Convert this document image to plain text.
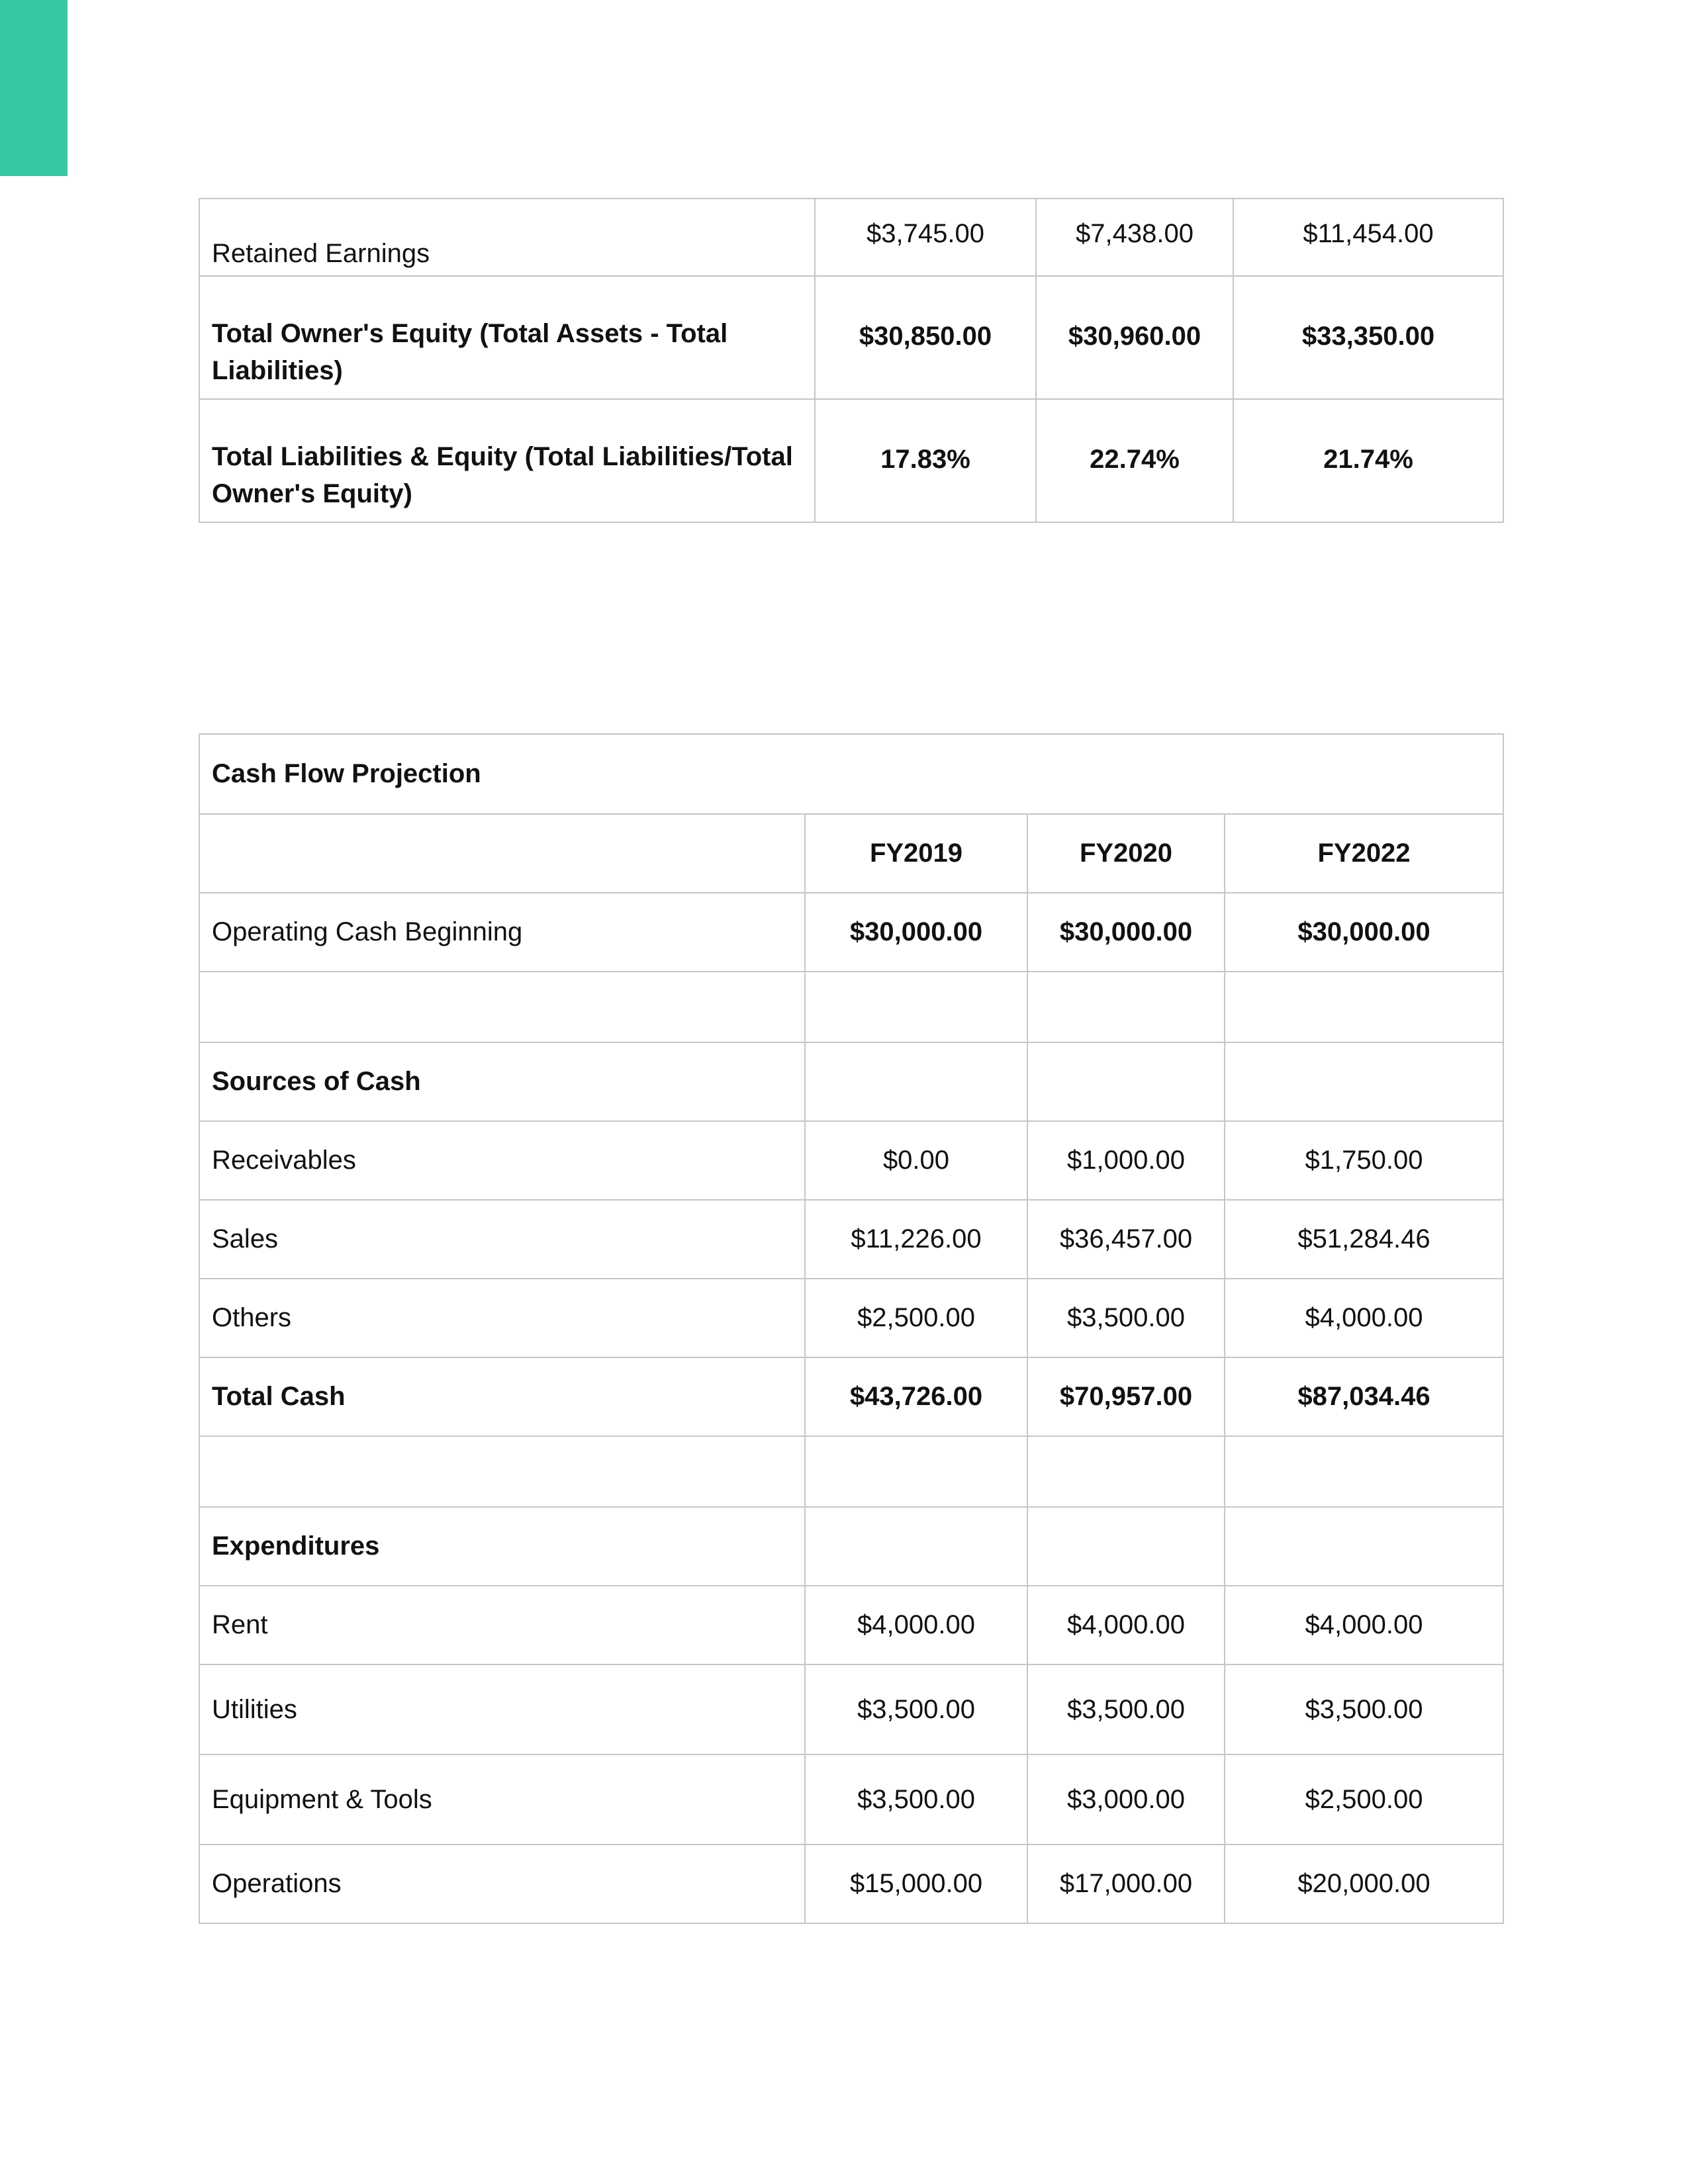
Retained Earnings	$3,745.00	$7,438.00	$11,454.00
Total Owner's Equity (Total Assets - Total Liabilities)	$30,850.00	$30,960.00	$33,350.00
Total Liabilities & Equity (Total Liabilities/Total Owner's Equity)	17.83%	22.74%	21.74%
Cash Flow Projection			
	FY2019	FY2020	FY2022
Operating Cash Beginning	$30,000.00	$30,000.00	$30,000.00

Sources of Cash			
Receivables	$0.00	$1,000.00	$1,750.00
Sales	$11,226.00	$36,457.00	$51,284.46
Others	$2,500.00	$3,500.00	$4,000.00
Total Cash	$43,726.00	$70,957.00	$87,034.46

Expenditures			
Rent	$4,000.00	$4,000.00	$4,000.00
Utilities	$3,500.00	$3,500.00	$3,500.00
Equipment & Tools	$3,500.00	$3,000.00	$2,500.00
Operations	$15,000.00	$17,000.00	$20,000.00
